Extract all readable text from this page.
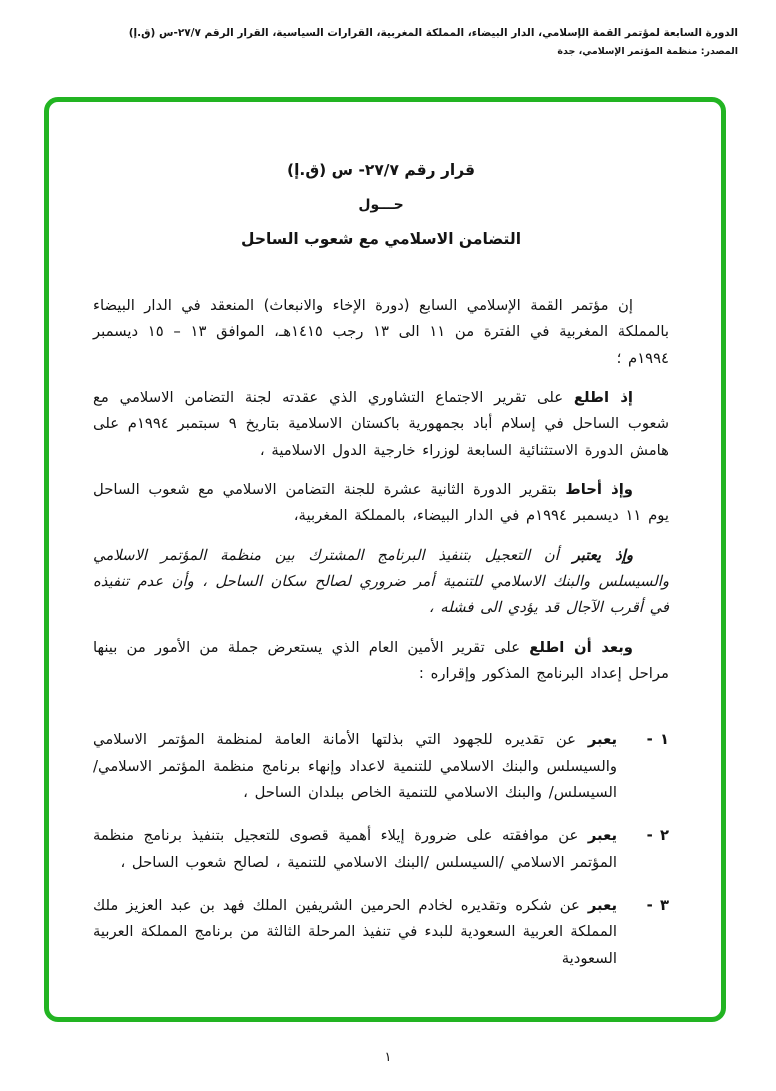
الدورة السابعة لمؤتمر القمة الإسلامي، الدار البيضاء، المملكة المغربية، القرارات السياسية، القرار الرقم ٢٧/٧-س (ق.إ)
المصدر: منظمة المؤتمر الإسلامي، جدة
قرار رقم ٢٧/٧- س (ق.إ)
حـــول
التضامن الاسلامي مع شعوب الساحل

إن مؤتمر القمة الإسلامي السابع (دورة الإخاء والانبعاث) المنعقد في الدار البيضاء بالمملكة المغربية في الفترة من ١١ الى ١٣ رجب ١٤١٥هـ، الموافق ١٣ – ١٥ ديسمبر ١٩٩٤م ؛

إذ اطلع على تقرير الاجتماع التشاوري الذي عقدته لجنة التضامن الاسلامي مع شعوب الساحل في إسلام أباد بجمهورية باكستان الاسلامية بتاريخ ٩ سبتمبر ١٩٩٤م على هامش الدورة الاستثنائية السابعة لوزراء خارجية الدول الاسلامية ،

وإذ أحاط بتقرير الدورة الثانية عشرة للجنة التضامن الاسلامي مع شعوب الساحل يوم ١١ ديسمبر ١٩٩٤م في الدار البيضاء، بالمملكة المغربية،

وإذ يعتبر أن التعجيل بتنفيذ البرنامج المشترك بين منظمة المؤتمر الاسلامي والسيسلس والبنك الاسلامي للتنمية أمر ضروري لصالح سكان الساحل ، وأن عدم تنفيذه في أقرب الآجال قد يؤدي الى فشله ،

وبعد أن اطلع على تقرير الأمين العام الذي يستعرض جملة من الأمور من بينها مراحل إعداد البرنامج المذكور وإقراره :

١ -
يعبر عن تقديره للجهود التي بذلتها الأمانة العامة لمنظمة المؤتمر الاسلامي والسيسلس والبنك الاسلامي للتنمية لاعداد وإنهاء برنامج منظمة المؤتمر الاسلامي/ السيسلس/ والبنك الاسلامي للتنمية الخاص ببلدان الساحل ،
٢ -
يعبر عن موافقته على ضرورة إيلاء أهمية قصوى للتعجيل بتنفيذ برنامج منظمة المؤتمر الاسلامي /السيسلس /البنك الاسلامي للتنمية ، لصالح شعوب الساحل ،
٣ -
يعبر عن شكره وتقديره لخادم الحرمين الشريفين الملك فهد بن عبد العزيز ملك المملكة العربية السعودية للبدء في تنفيذ المرحلة الثالثة من برنامج المملكة العربية السعودية
١
